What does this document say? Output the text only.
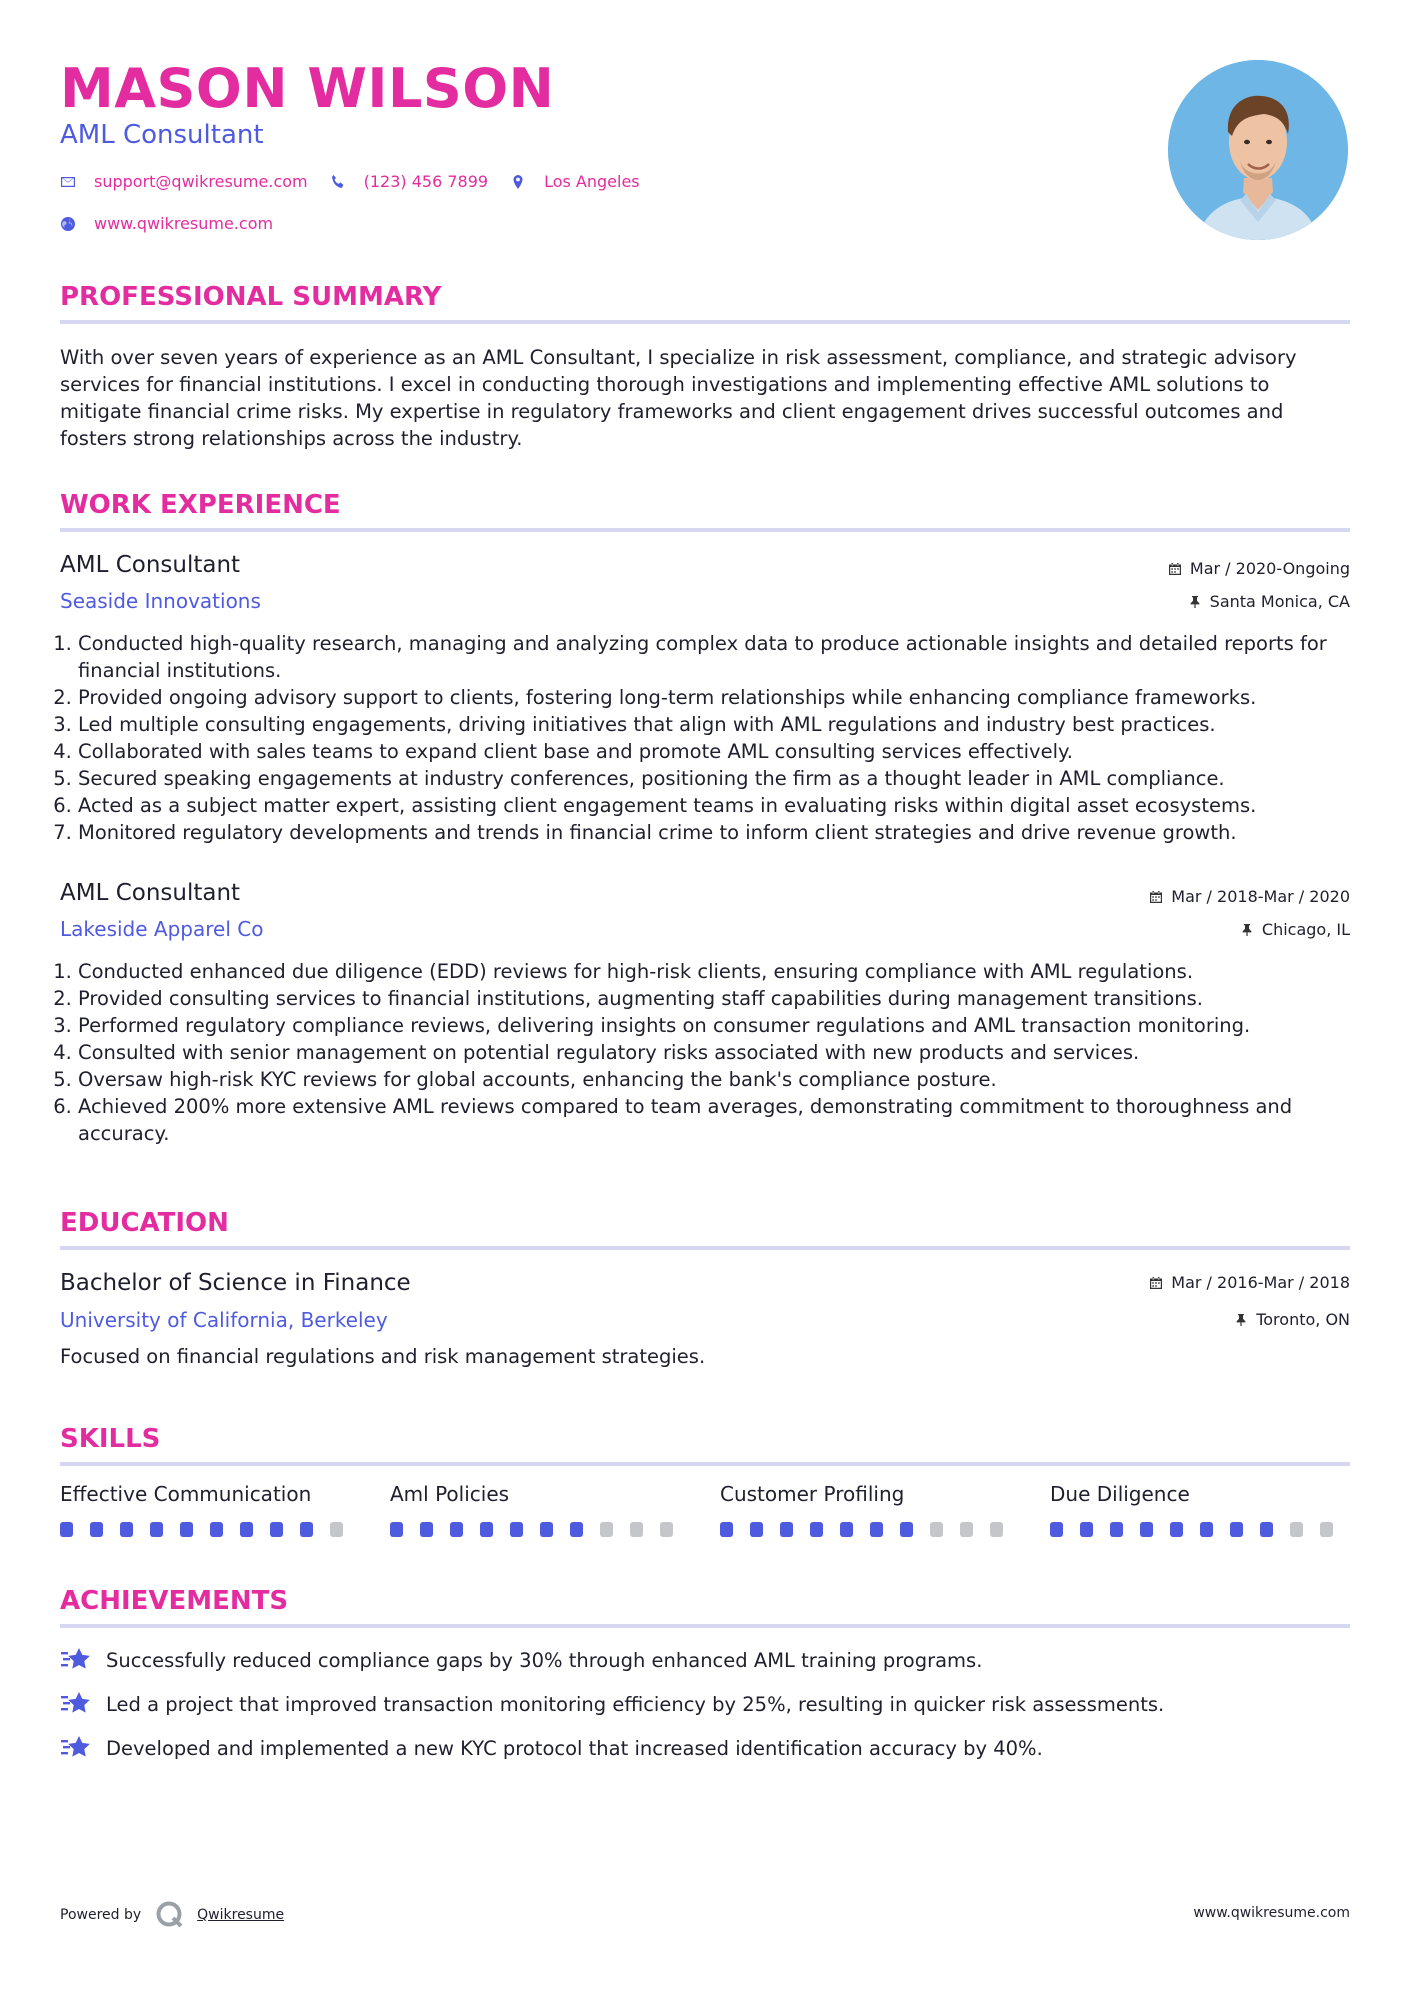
MASON WILSON
AML Consultant
support@qwikresume.com	(123) 456 7899	Los Angeles
www.qwikresume.com
PROFESSIONAL SUMMARY
With over seven years of experience as an AML Consultant, I specialize in risk assessment, compliance, and strategic advisory services for financial institutions. I excel in conducting thorough investigations and implementing effective AML solutions to mitigate financial crime risks. My expertise in regulatory frameworks and client engagement drives successful outcomes and fosters strong relationships across the industry.
WORK EXPERIENCE
AML Consultant
Seaside Innovations
Mar / 2020-Ongoing
Santa Monica, CA
1. Conducted high-quality research, managing and analyzing complex data to produce actionable insights and detailed reports for financial institutions.
2. Provided ongoing advisory support to clients, fostering long-term relationships while enhancing compliance frameworks.
3. Led multiple consulting engagements, driving initiatives that align with AML regulations and industry best practices.
4. Collaborated with sales teams to expand client base and promote AML consulting services effectively.
5. Secured speaking engagements at industry conferences, positioning the firm as a thought leader in AML compliance.
6. Acted as a subject matter expert, assisting client engagement teams in evaluating risks within digital asset ecosystems.
7. Monitored regulatory developments and trends in financial crime to inform client strategies and drive revenue growth.
AML Consultant
Lakeside Apparel Co
Mar / 2018-Mar / 2020
Chicago, IL
1. Conducted enhanced due diligence (EDD) reviews for high-risk clients, ensuring compliance with AML regulations.
2. Provided consulting services to financial institutions, augmenting staff capabilities during management transitions.
3. Performed regulatory compliance reviews, delivering insights on consumer regulations and AML transaction monitoring.
4. Consulted with senior management on potential regulatory risks associated with new products and services.
5. Oversaw high-risk KYC reviews for global accounts, enhancing the bank's compliance posture.
6. Achieved 200% more extensive AML reviews compared to team averages, demonstrating commitment to thoroughness and accuracy.
EDUCATION
Bachelor of Science in Finance
University of California, Berkeley
Mar / 2016-Mar / 2018
Toronto, ON
Focused on financial regulations and risk management strategies.
SKILLS
Effective Communication	Aml Policies	Customer Profiling	Due Diligence
ACHIEVEMENTS
Successfully reduced compliance gaps by 30% through enhanced AML training programs.
Led a project that improved transaction monitoring efficiency by 25%, resulting in quicker risk assessments.
Developed and implemented a new KYC protocol that increased identification accuracy by 40%.
Powered by	Qwikresume	www.qwikresume.com
